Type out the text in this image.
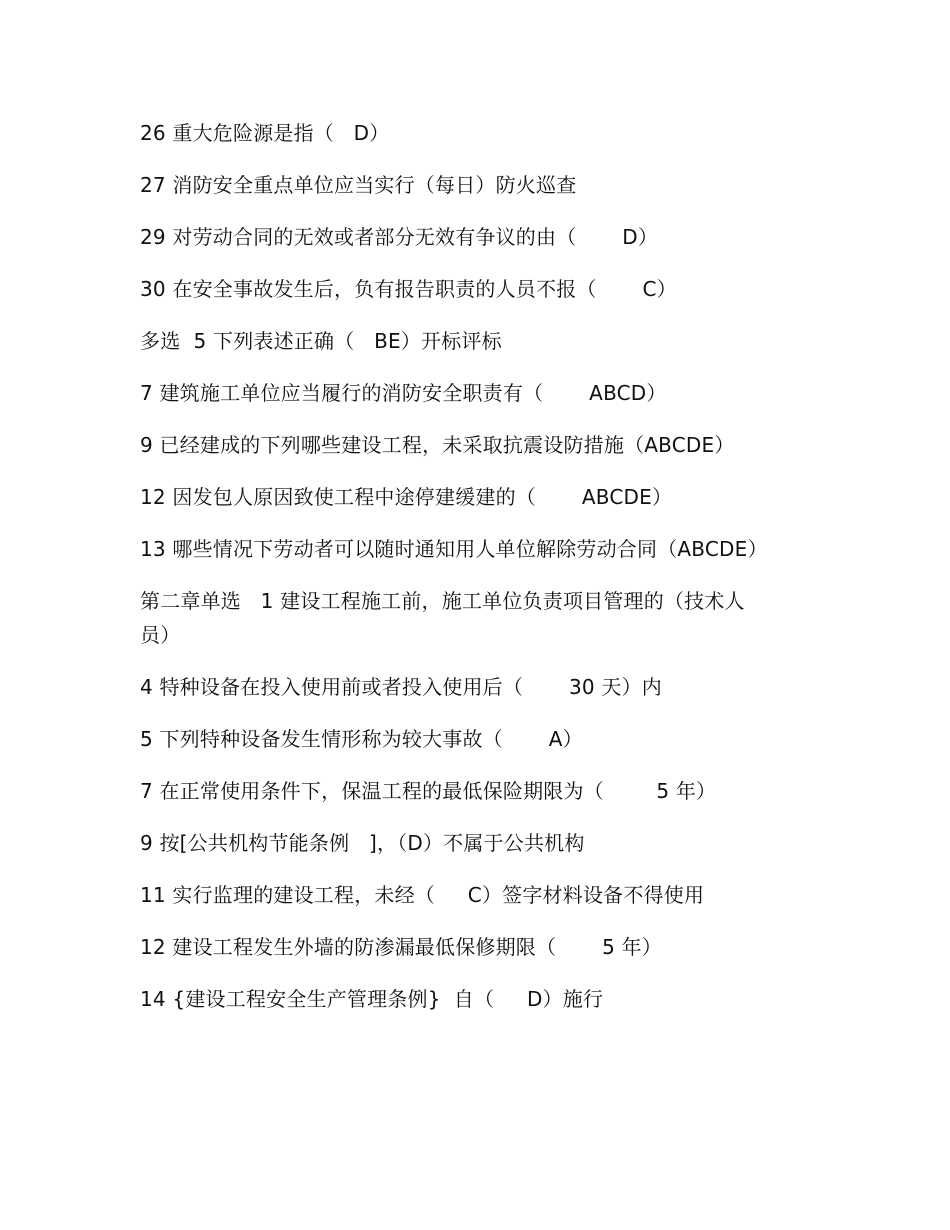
26 重大危险源是指（   D）

27 消防安全重点单位应当实行（每日）防火巡查

29 对劳动合同的无效或者部分无效有争议的由（       D）

30 在安全事故发生后，负有报告职责的人员不报（       C）

多选  5 下列表述正确（   BE）开标评标

7 建筑施工单位应当履行的消防安全职责有（       ABCD）

9 已经建成的下列哪些建设工程，未采取抗震设防措施（ABCDE）

12 因发包人原因致使工程中途停建缓建的（       ABCDE）

13 哪些情况下劳动者可以随时通知用人单位解除劳动合同（ABCDE）

第二章单选   1 建设工程施工前，施工单位负责项目管理的（技术人员）

4 特种设备在投入使用前或者投入使用后（       30 天）内

5 下列特种设备发生情形称为较大事故（       A）

7 在正常使用条件下，保温工程的最低保险期限为（        5 年）

9 按[公共机构节能条例   ]，（D）不属于公共机构

11 实行监理的建设工程，未经（     C）签字材料设备不得使用

12 建设工程发生外墙的防渗漏最低保修期限（       5 年）

14 {建设工程安全生产管理条例}  自（     D）施行
